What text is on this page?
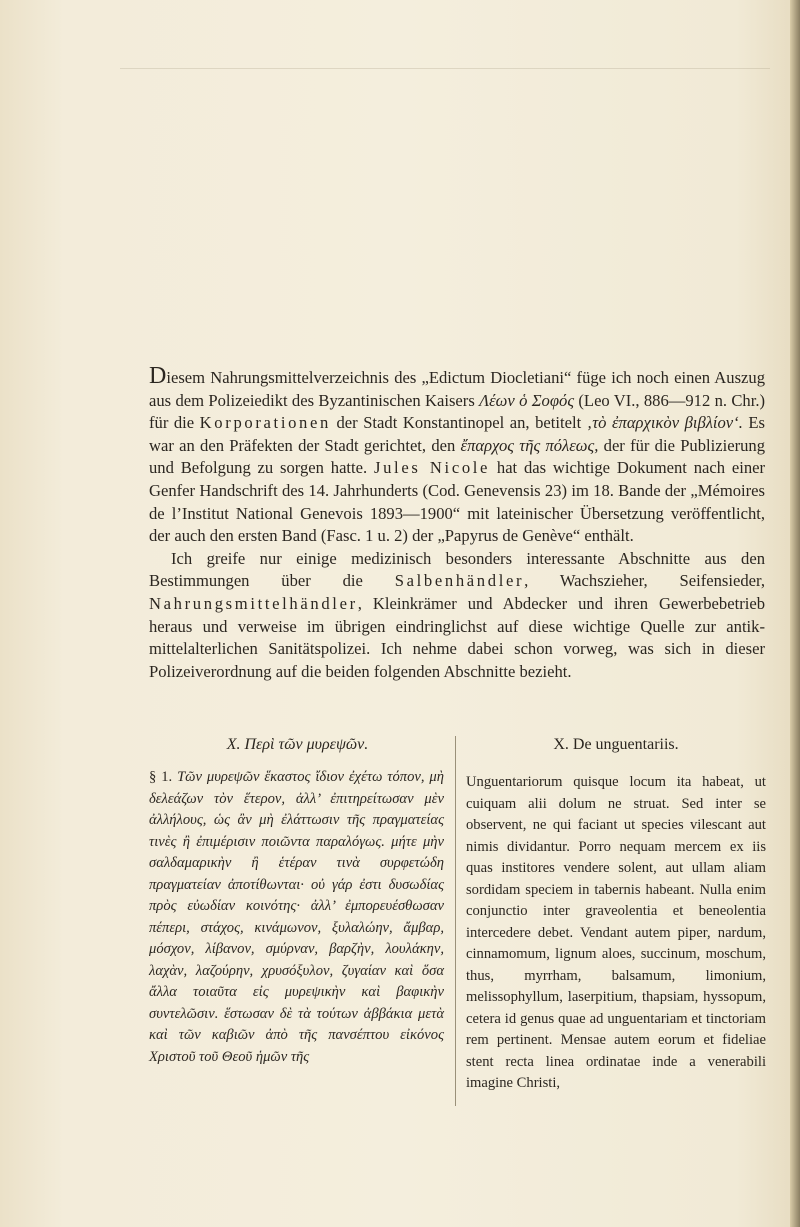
Diesem Nahrungsmittelverzeichnis des „Edictum Diocletiani“ füge ich noch einen Auszug aus dem Polizeiedikt des Byzantinischen Kaisers Λέων ὁ Σοφός (Leo VI., 886—912 n. Chr.) für die Korporationen der Stadt Konstantinopel an, betitelt ‚τὸ ἐπαρχικὸν βιβλίον‘. Es war an den Präfekten der Stadt gerichtet, den ἔπαρχος τῆς πόλεως, der für die Publizierung und Befolgung zu sorgen hatte. Jules Nicole hat das wichtige Dokument nach einer Genfer Handschrift des 14. Jahrhunderts (Cod. Genevensis 23) im 18. Bande der „Mémoires de l’Institut National Genevois 1893—1900“ mit lateinischer Übersetzung veröffentlicht, der auch den ersten Band (Fasc. 1 u. 2) der „Papyrus de Genève“ enthält.

Ich greife nur einige medizinisch besonders interessante Abschnitte aus den Bestimmungen über die Salbenhändler, Wachszieher, Seifensieder, Nahrungsmittelhändler, Kleinkrämer und Abdecker und ihren Gewerbebetrieb heraus und verweise im übrigen eindringlichst auf diese wichtige Quelle zur antik-mittelalterlichen Sanitätspolizei. Ich nehme dabei schon vorweg, was sich in dieser Polizeiverordnung auf die beiden folgenden Abschnitte bezieht.

X. Περὶ τῶν μυρεψῶν.	X. De unguentariis.
§ 1. Τῶν μυρεψῶν ἕκαστος ἴδιον ἐχέτω τόπον, μὴ δελεάζων τὸν ἕτερον, ἀλλ’ ἐπιτηρείτωσαν μὲν ἀλλήλους, ὡς ἂν μὴ ἐλάττωσιν τῆς πραγματείας τινὲς ἢ ἐπιμέρισιν ποιῶντα παραλόγως. μήτε μὴν σαλδαμαρικὴν ἢ ἑτέραν τινὰ συρφετώδη πραγματείαν ἀποτίθωνται· οὐ γάρ ἐστι δυσωδίας πρὸς εὐωδίαν κοινότης· ἀλλ’ ἐμπορευέσθωσαν πέπερι, στάχος, κινάμωνον, ξυλαλώην, ἄμβαρ, μόσχον, λίβανον, σμύρναν, βαρζὴν, λουλάκην, λαχὰν, λαζούρην, χρυσόξυλον, ζυγαίαν καὶ ὅσα ἄλλα τοιαῦτα εἰς μυρεψικὴν καὶ βαφικὴν συντελῶσιν. ἕστωσαν δὲ τὰ τούτων ἀββάκια μετὰ καὶ τῶν καβιῶν ἀπὸ τῆς πανσέπτου εἰκόνος Χριστοῦ τοῦ Θεοῦ ἡμῶν τῆς
Unguentariorum quisque locum ita habeat, ut cuiquam alii dolum ne struat. Sed inter se observent, ne qui faciant ut species vilescant aut nimis dividantur. Porro nequam mercem ex iis quas institores vendere solent, aut ullam aliam sordidam speciem in tabernis habeant. Nulla enim conjunctio inter graveolentia et beneolentia intercedere debet. Vendant autem piper, nardum, cinnamomum, lignum aloes, succinum, moschum, thus, myrrham, balsamum, limonium, melissophyllum, laserpitium, thapsiam, hyssopum, cetera id genus quae ad unguentariam et tinctoriam rem pertinent. Mensae autem eorum et fideliae stent recta linea ordinatae inde a venerabili imagine Christi,
